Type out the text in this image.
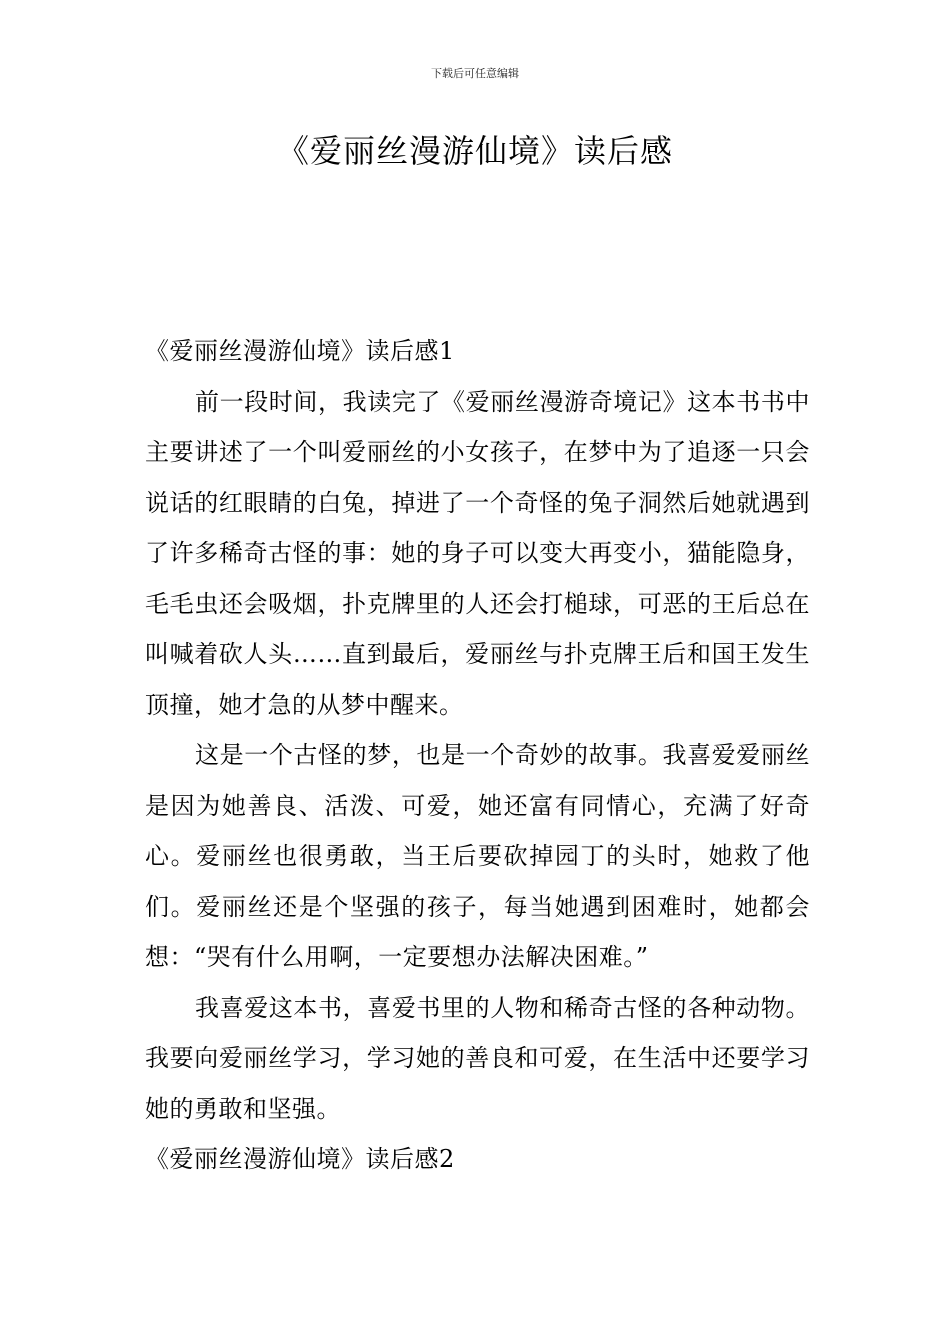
下载后可任意编辑
《爱丽丝漫游仙境》读后感
《爱丽丝漫游仙境》读后感1

前一段时间，我读完了《爱丽丝漫游奇境记》这本书书中主要讲述了一个叫爱丽丝的小女孩子，在梦中为了追逐一只会说话的红眼睛的白兔，掉进了一个奇怪的兔子洞然后她就遇到了许多稀奇古怪的事：她的身子可以变大再变小，猫能隐身，毛毛虫还会吸烟，扑克牌里的人还会打槌球，可恶的王后总在叫喊着砍人头……直到最后，爱丽丝与扑克牌王后和国王发生顶撞，她才急的从梦中醒来。

这是一个古怪的梦，也是一个奇妙的故事。我喜爱爱丽丝是因为她善良、活泼、可爱，她还富有同情心，充满了好奇心。爱丽丝也很勇敢，当王后要砍掉园丁的头时，她救了他们。爱丽丝还是个坚强的孩子，每当她遇到困难时，她都会想：“哭有什么用啊，一定要想办法解决困难。”

我喜爱这本书，喜爱书里的人物和稀奇古怪的各种动物。我要向爱丽丝学习，学习她的善良和可爱，在生活中还要学习她的勇敢和坚强。

《爱丽丝漫游仙境》读后感2
